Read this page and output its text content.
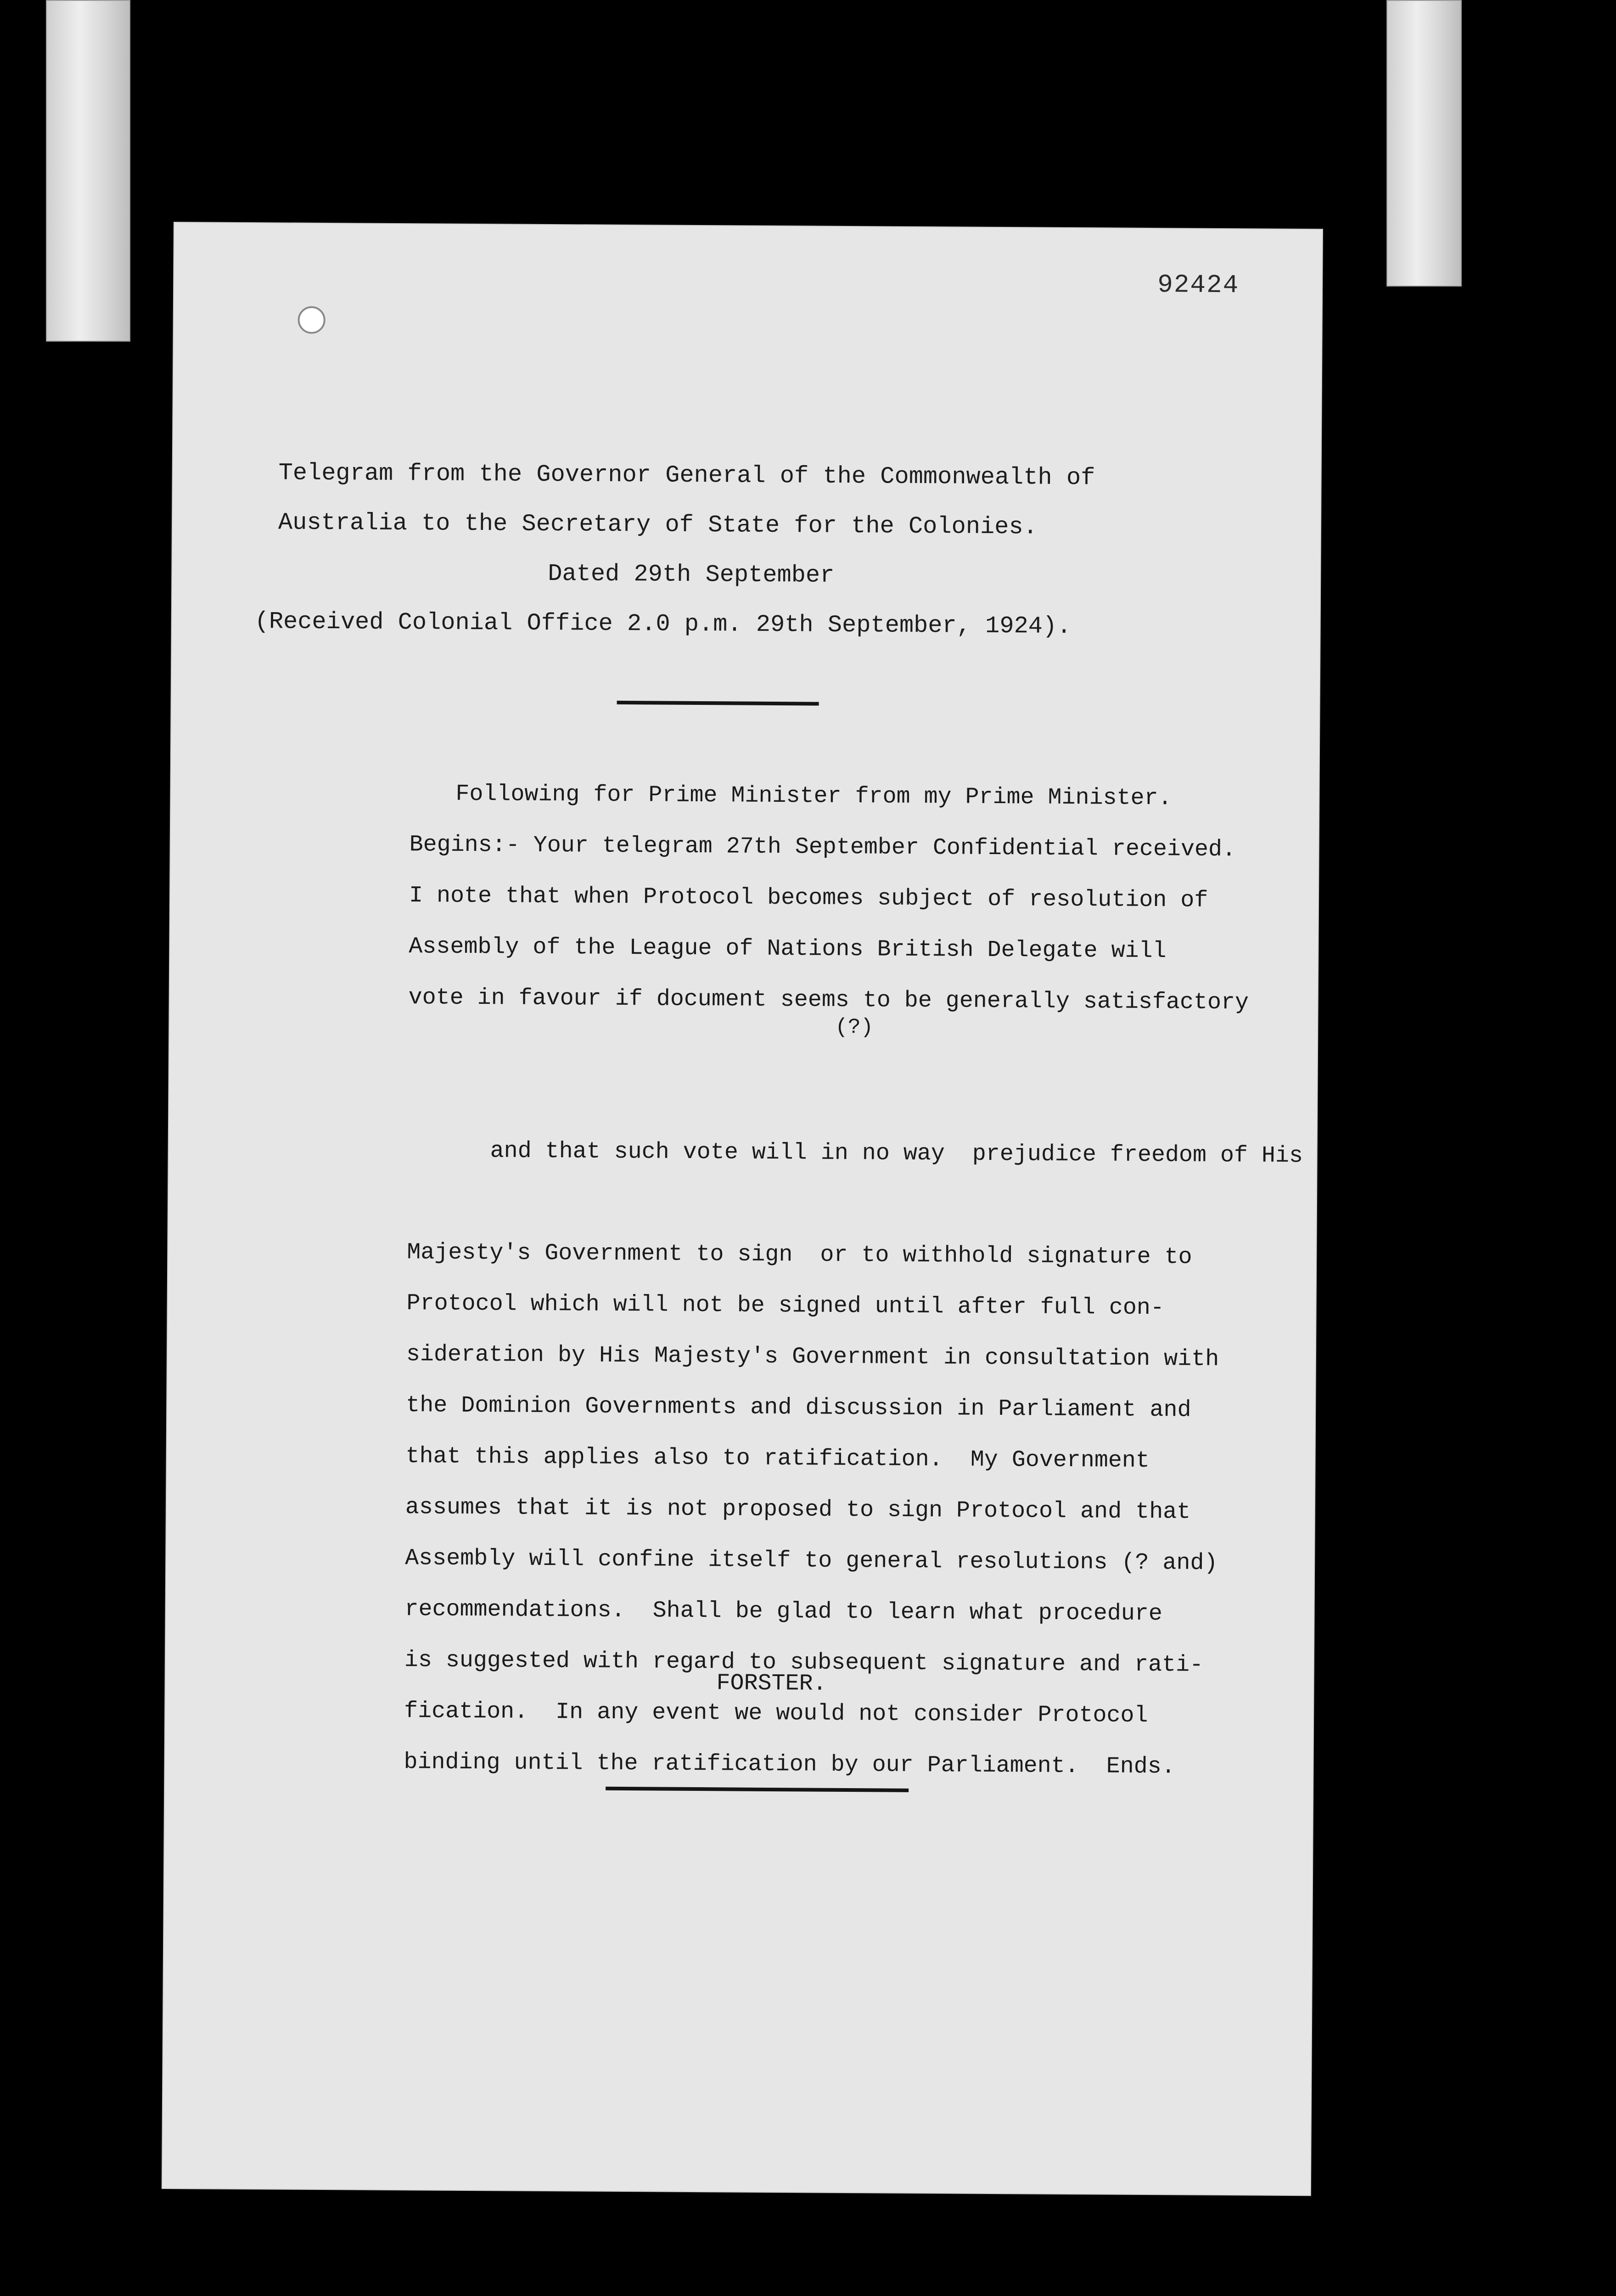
92424
Telegram from the Governor General of the Commonwealth of
Australia to the Secretary of State for the Colonies.
Dated 29th September
(Received Colonial Office 2.0 p.m. 29th September, 1924).
Following for Prime Minister from my Prime Minister.
Begins:- Your telegram 27th September Confidential received.
I note that when Protocol becomes subject of resolution of
Assembly of the League of Nations British Delegate will
vote in favour if document seems to be generally satisfactory

(?)

and that such vote will in no way  prejudice freedom of His

Majesty's Government to sign  or to withhold signature to
Protocol which will not be signed until after full con-
sideration by His Majesty's Government in consultation with
the Dominion Governments and discussion in Parliament and
that this applies also to ratification.  My Government
assumes that it is not proposed to sign Protocol and that
Assembly will confine itself to general resolutions (? and)
recommendations.  Shall be glad to learn what procedure
is suggested with regard to subsequent signature and rati-
fication.  In any event we would not consider Protocol
binding until the ratification by our Parliament.  Ends.
FORSTER.
